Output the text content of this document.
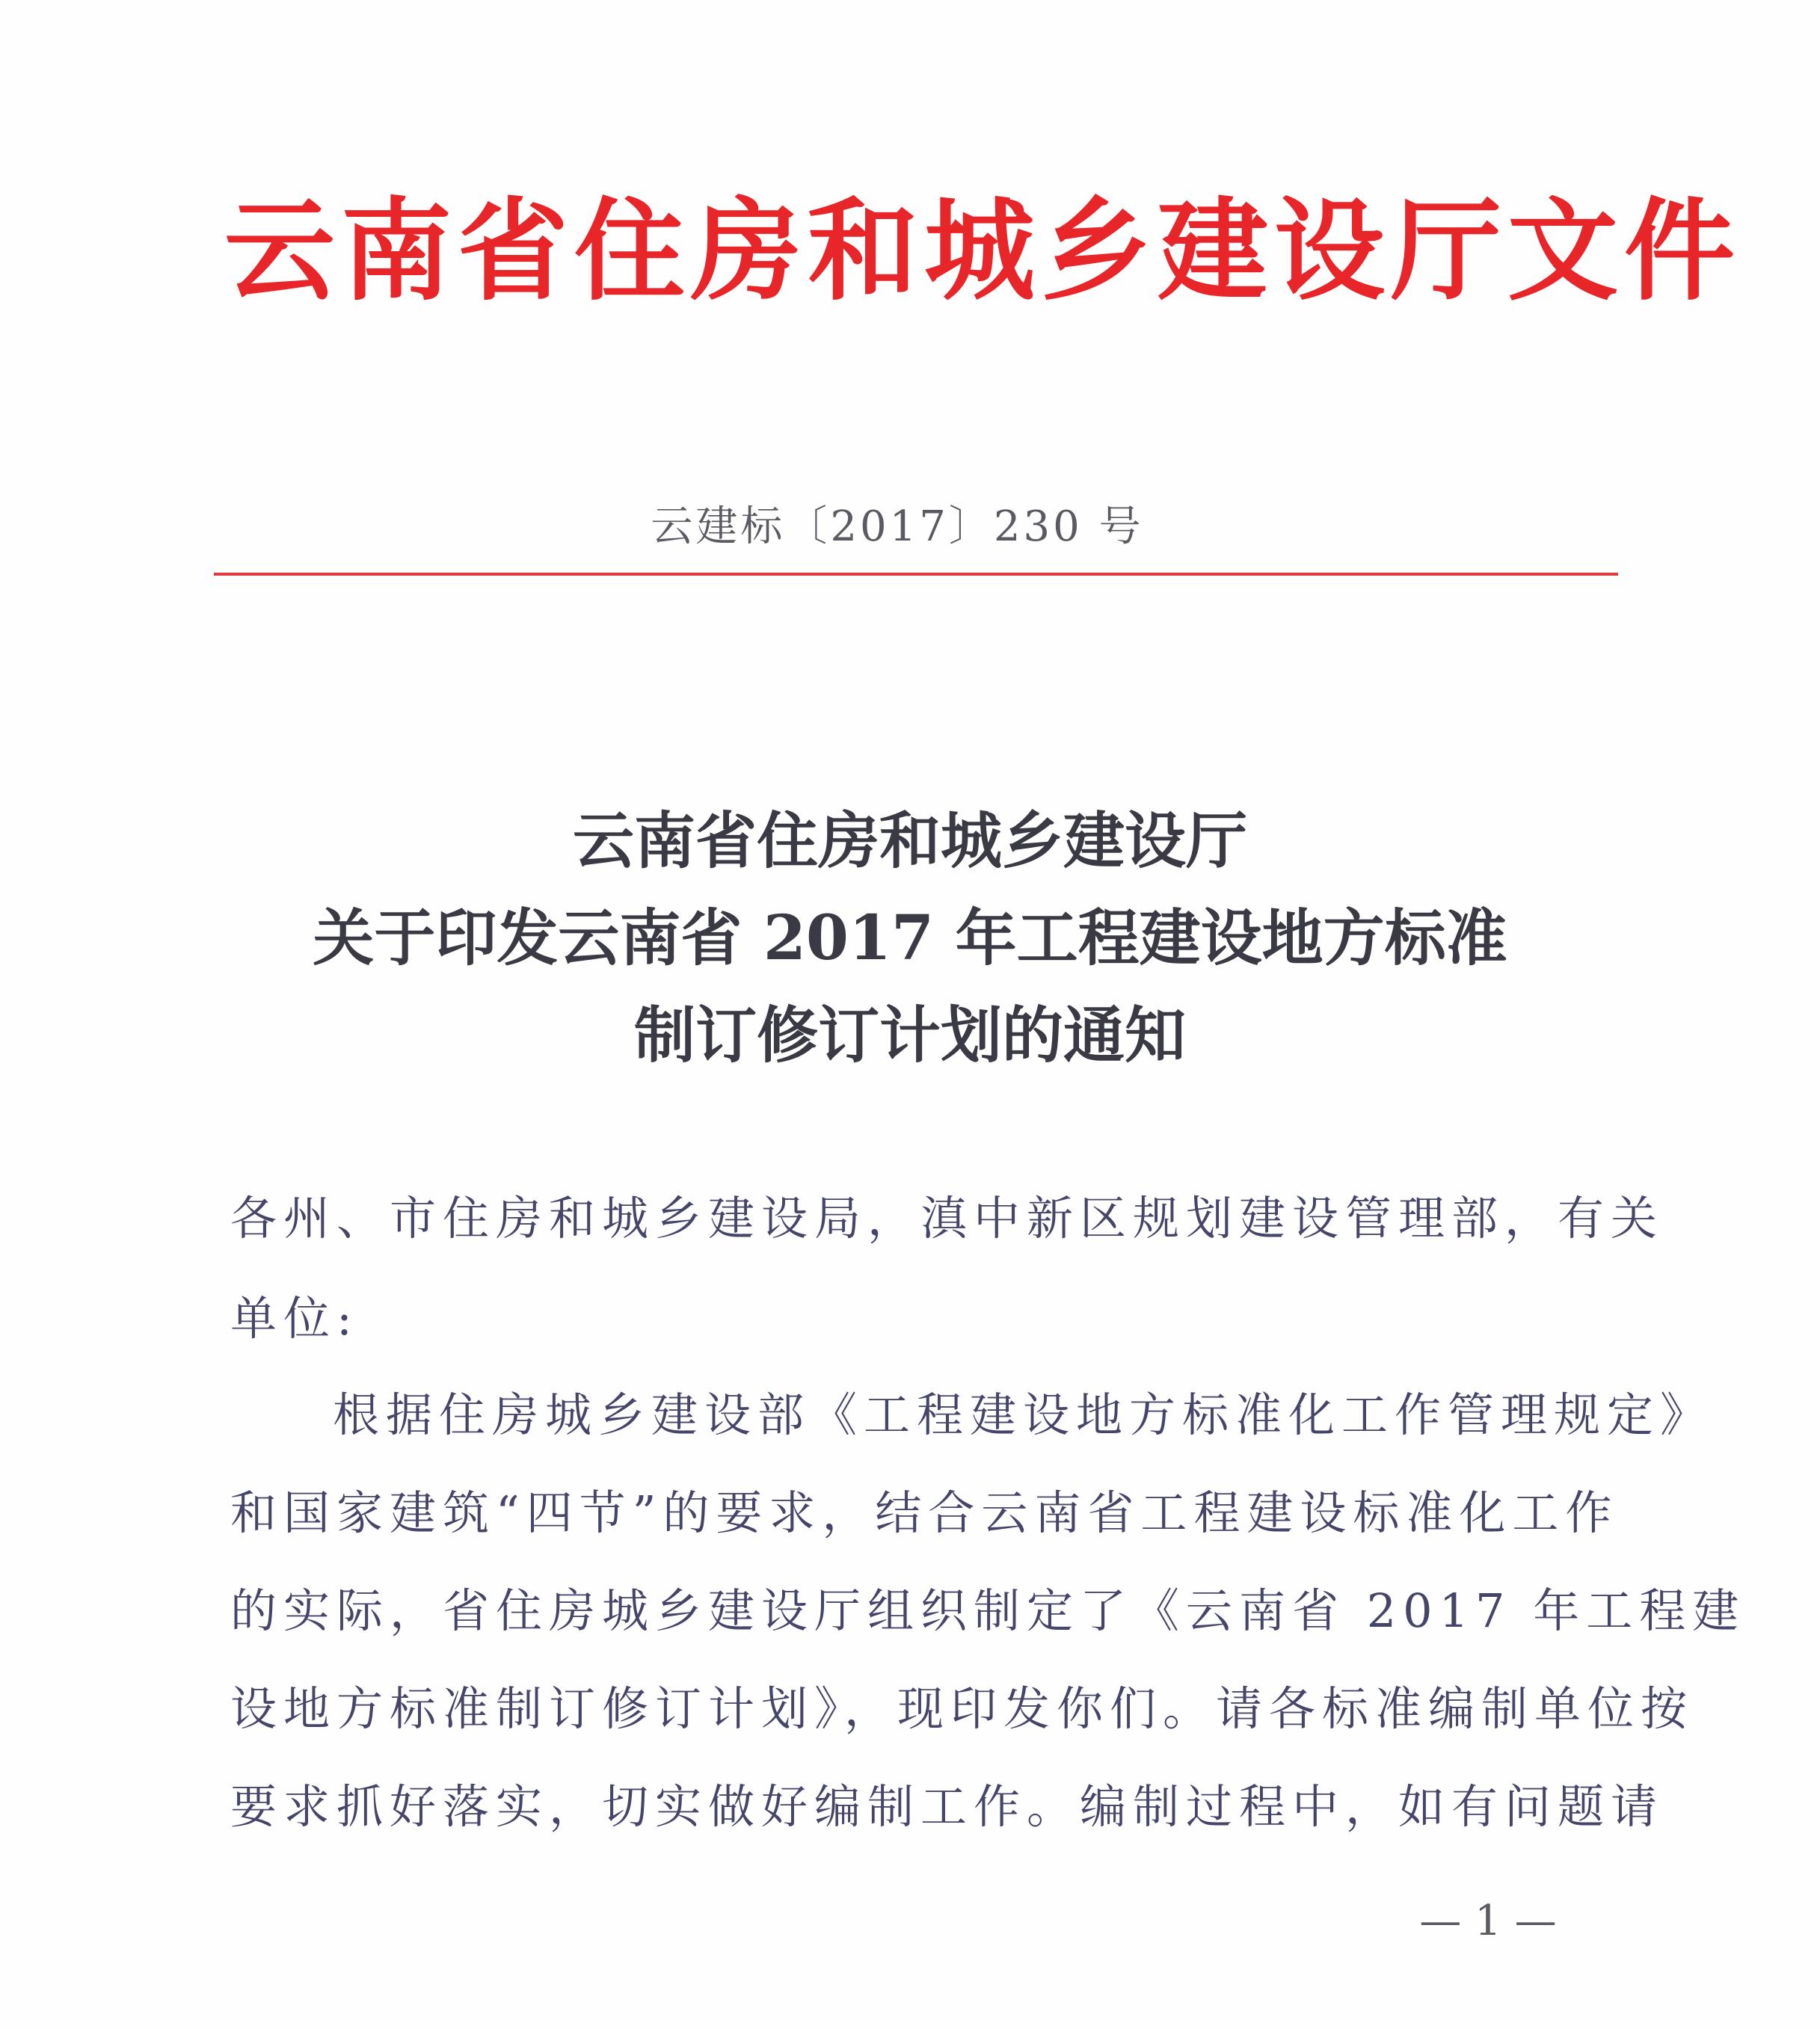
云南省住房和城乡建设厅文件
云建标〔2017〕230 号
云南省住房和城乡建设厅
关于印发云南省 2017 年工程建设地方标准
制订修订计划的通知
各州、市住房和城乡建设局，滇中新区规划建设管理部，有关
单位:
根据住房城乡建设部《工程建设地方标准化工作管理规定》
和国家建筑“四节”的要求，结合云南省工程建设标准化工作
的实际，省住房城乡建设厅组织制定了《云南省 2017 年工程建
设地方标准制订修订计划》，现印发你们。请各标准编制单位按
要求抓好落实，切实做好编制工作。编制过程中，如有问题请
— 1 —
